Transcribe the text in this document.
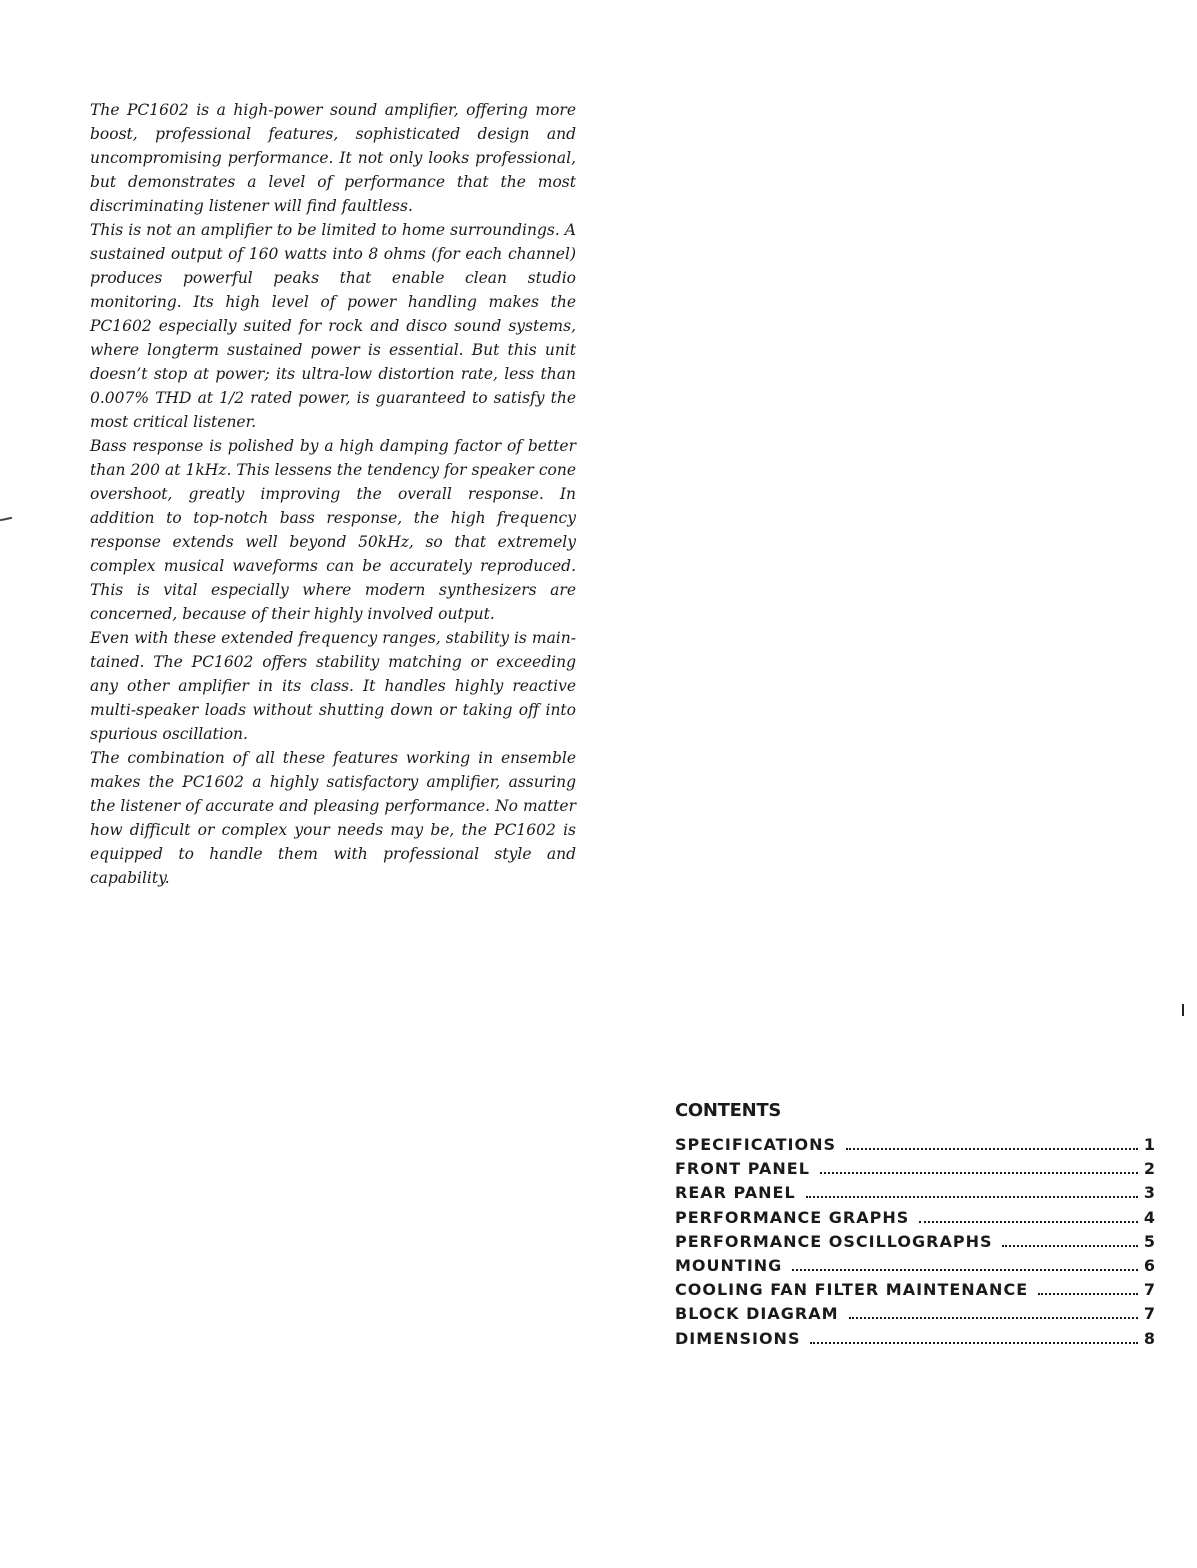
The PC1602 is a high-power sound amplifier, offering more boost, professional features, sophisticated design and uncompromising performance. It not only looks professional, but demonstrates a level of performance that the most discriminating listener will find faultless.

This is not an amplifier to be limited to home surroundings. A sustained output of 160 watts into 8 ohms (for each channel) produces powerful peaks that enable clean studio monitoring. Its high level of power handling makes the PC1602 especially suited for rock and disco sound systems, where longterm sustained power is essential. But this unit doesn’t stop at power; its ultra-low distortion rate, less than 0.007% THD at 1/2 rated power, is guaranteed to satisfy the most critical listener.

Bass response is polished by a high damping factor of better than 200 at 1kHz. This lessens the tendency for speaker cone overshoot, greatly improving the overall response. In addition to top-notch bass response, the high frequency response extends well beyond 50kHz, so that extremely complex musical waveforms can be accurately reproduced. This is vital especially where modern synthesizers are concerned, because of their highly involved output.

Even with these extended frequency ranges, stability is maintained. The PC1602 offers stability matching or exceeding any other amplifier in its class. It handles highly reactive multi-speaker loads without shutting down or taking off into spurious oscillation.

The combination of all these features working in ensemble makes the PC1602 a highly satisfactory amplifier, assuring the listener of accurate and pleasing performance. No matter how difficult or complex your needs may be, the PC1602 is equipped to handle them with professional style and capability.

CONTENTS
SPECIFICATIONS	1
FRONT PANEL	2
REAR PANEL	3
PERFORMANCE GRAPHS	4
PERFORMANCE OSCILLOGRAPHS	5
MOUNTING	6
COOLING FAN FILTER MAINTENANCE	7
BLOCK DIAGRAM	7
DIMENSIONS	8
